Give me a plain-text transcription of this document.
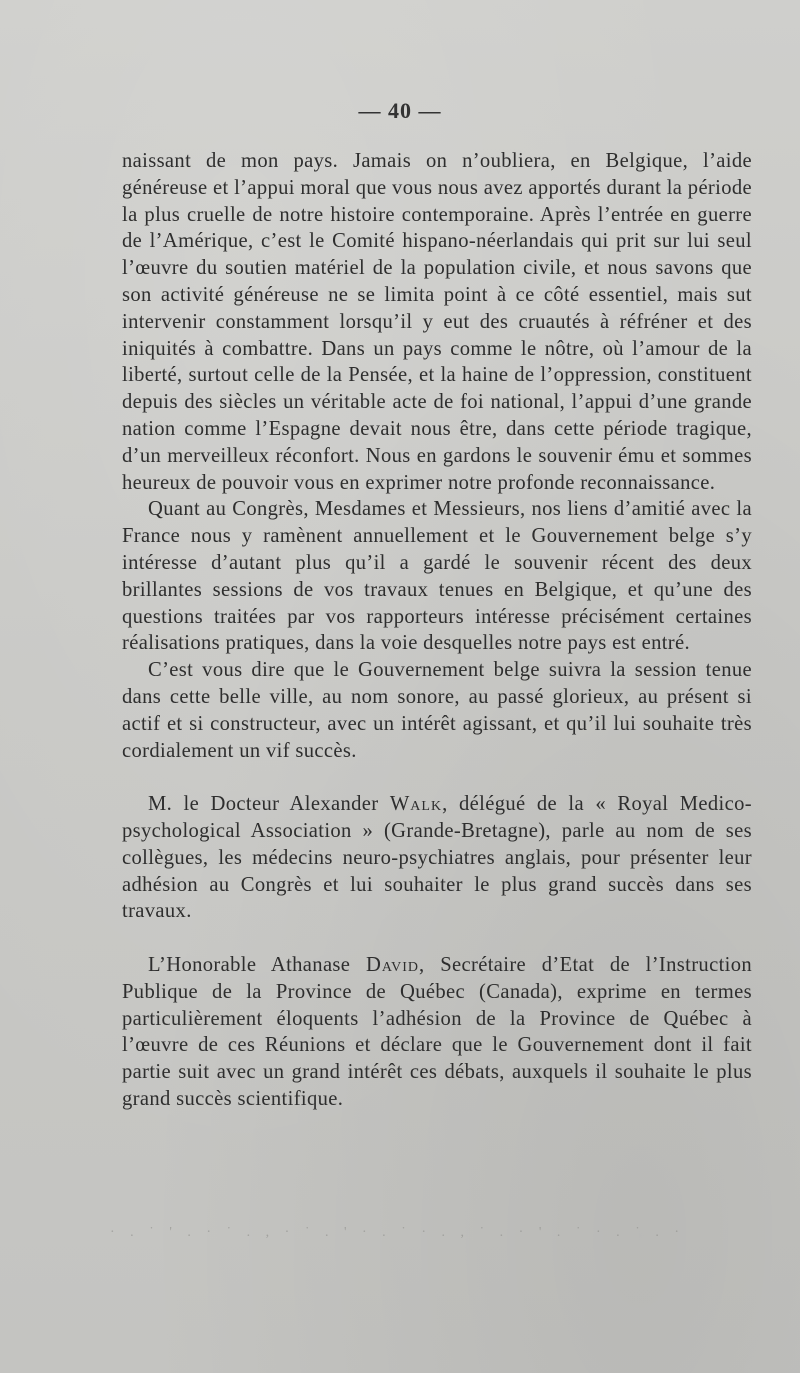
— 40 —

naissant de mon pays. Jamais on n’oubliera, en Belgique, l’aide généreuse et l’appui moral que vous nous avez apportés durant la période la plus cruelle de notre histoire contemporaine. Après l’entrée en guerre de l’Amérique, c’est le Comité hispano-néerlandais qui prit sur lui seul l’œuvre du soutien matériel de la population civile, et nous savons que son activité généreuse ne se limita point à ce côté essentiel, mais sut intervenir constamment lorsqu’il y eut des cruautés à réfréner et des iniquités à combattre. Dans un pays comme le nôtre, où l’amour de la liberté, surtout celle de la Pensée, et la haine de l’oppression, constituent depuis des siècles un véritable acte de foi national, l’appui d’une grande nation comme l’Espagne devait nous être, dans cette période tragique, d’un merveilleux réconfort. Nous en gardons le souvenir ému et sommes heureux de pouvoir vous en exprimer notre profonde reconnaissance.

Quant au Congrès, Mesdames et Messieurs, nos liens d’amitié avec la France nous y ramènent annuellement et le Gouvernement belge s’y intéresse d’autant plus qu’il a gardé le souvenir récent des deux brillantes sessions de vos travaux tenues en Belgique, et qu’une des questions traitées par vos rapporteurs intéresse précisément certaines réalisations pratiques, dans la voie desquelles notre pays est entré.

C’est vous dire que le Gouvernement belge suivra la session tenue dans cette belle ville, au nom sonore, au passé glorieux, au présent si actif et si constructeur, avec un intérêt agissant, et qu’il lui souhaite très cordialement un vif succès.

M. le Docteur Alexander Walk, délégué de la « Royal Medico-psychological Association » (Grande-Bretagne), parle au nom de ses collègues, les médecins neuro-psychiatres anglais, pour présenter leur adhésion au Congrès et lui souhaiter le plus grand succès dans ses travaux.

L’Honorable Athanase David, Secrétaire d’Etat de l’Instruction Publique de la Province de Québec (Canada), exprime en termes particulièrement éloquents l’adhésion de la Province de Québec à l’œuvre de ces Réunions et déclare que le Gouvernement dont il fait partie suit avec un grand intérêt ces débats, auxquels il souhaite le plus grand succès scientifique.

· . ˙ ' . · ˙ . , · ˙ . ' · . ˙ · . , ˙ . · ' . ˙ · . ˙ . ·
